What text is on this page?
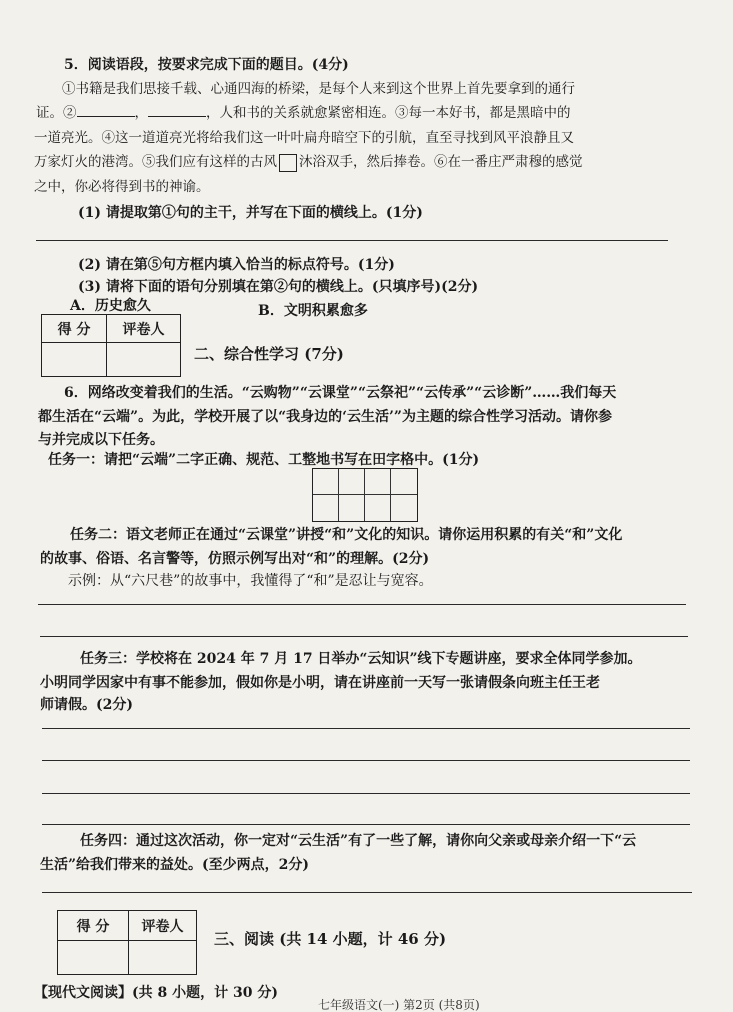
5．阅读语段，按要求完成下面的题目。(4分)
①书籍是我们思接千载、心通四海的桥梁，是每个人来到这个世界上首先要拿到的通行
证。②	，	，人和书的关系就愈紧密相连。③每一本好书，都是黑暗中的
一道亮光。④这一道道亮光将给我们这一叶叶扁舟暗空下的引航，直至寻找到风平浪静且又
万家灯火的港湾。⑤我们应有这样的古风 沐浴双手，然后捧卷。⑥在一番庄严肃穆的感觉
之中，你必将得到书的神谕。
(1) 请提取第①句的主干，并写在下面的横线上。(1分)
(2) 请在第⑤句方框内填入恰当的标点符号。(1分)
(3) 请将下面的语句分别填在第②句的横线上。(只填序号)(2分)
A．历史愈久	B．文明积累愈多
得 分	评卷人

二、综合性学习 (7分)
6．网络改变着我们的生活。“云购物”“云课堂”“云祭祀”“云传承”“云诊断”……我们每天
都生活在“云端”。为此，学校开展了以“我身边的‘云生活’”为主题的综合性学习活动。请你参
与并完成以下任务。
任务一：请把“云端”二字正确、规范、工整地书写在田字格中。(1分)
任务二：语文老师正在通过“云课堂”讲授“和”文化的知识。请你运用积累的有关“和”文化
的故事、俗语、名言警等，仿照示例写出对“和”的理解。(2分)
示例：从“六尺巷”的故事中，我懂得了“和”是忍让与宽容。
任务三：学校将在 2024 年 7 月 17 日举办“云知识”线下专题讲座，要求全体同学参加。
小明同学因家中有事不能参加，假如你是小明，请在讲座前一天写一张请假条向班主任王老
师请假。(2分)
任务四：通过这次活动，你一定对“云生活”有了一些了解，请你向父亲或母亲介绍一下“云
生活”给我们带来的益处。(至少两点，2分)
得 分	评卷人

三、阅读 (共 14 小题，计 46 分)
【现代文阅读】(共 8 小题，计 30 分)
七年级语文(一) 第2页 (共8页)
